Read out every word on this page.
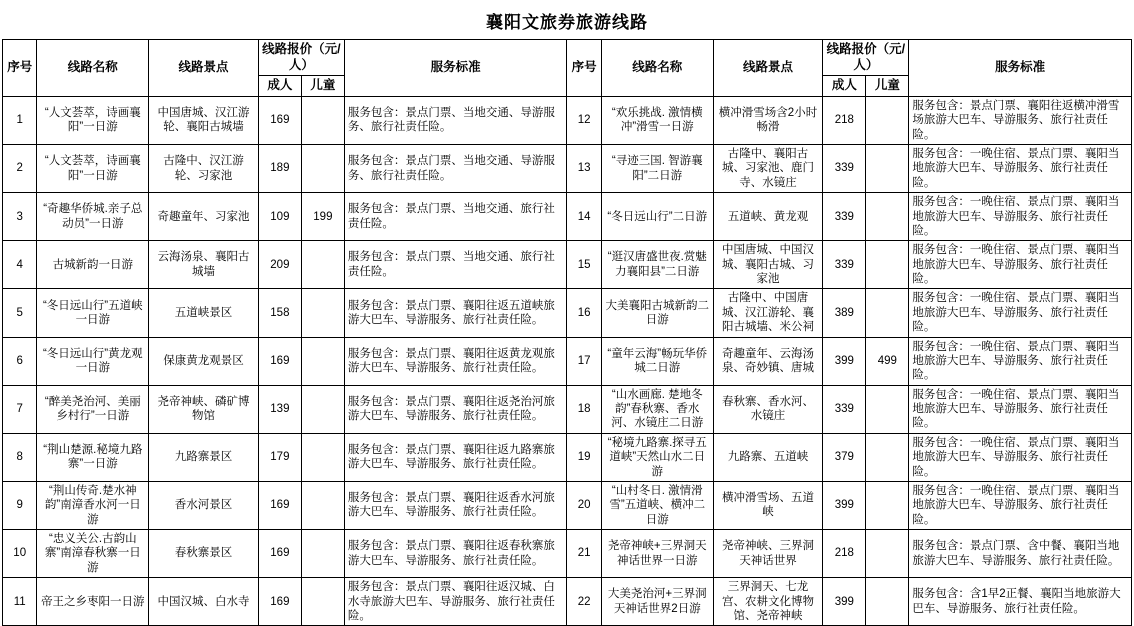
襄阳文旅券旅游线路
序号	线路名称	线路景点	线路报价（元/人）		服务标准	序号	线路名称	线路景点	线路报价（元/人）		服务标准
			成人	儿童					成人	儿童	
1	“人文荟萃，诗画襄阳”一日游	中国唐城、汉江游轮、襄阳古城墙	169		服务包含：景点门票、当地交通、导游服务、旅行社责任险。	12	“欢乐挑战. 激情横冲”滑雪一日游	横冲滑雪场含2小时畅滑	218		服务包含：景点门票、襄阳往返横冲滑雪场旅游大巴车、导游服务、旅行社责任险。
2	“人文荟萃，诗画襄阳”一日游	古隆中、汉江游轮、习家池	189		服务包含：景点门票、当地交通、导游服务、旅行社责任险。	13	“寻迹三国. 智游襄阳”二日游	古隆中、襄阳古城、习家池、鹿门寺、水镜庄	339		服务包含：一晚住宿、景点门票、襄阳当地旅游大巴车、导游服务、旅行社责任险。
3	“奇趣华侨城.亲子总动员”一日游	奇趣童年、习家池	109	199	服务包含：景点门票、当地交通、旅行社责任险。	14	“冬日远山行”二日游	五道峡、黄龙观	339		服务包含：一晚住宿、景点门票、襄阳当地旅游大巴车、导游服务、旅行社责任险。
4	古城新韵一日游	云海汤泉、襄阳古城墙	209		服务包含：景点门票、当地交通、旅行社责任险。	15	“逛汉唐盛世夜.赏魅力襄阳县”二日游	中国唐城、中国汉城、襄阳古城、习家池	339		服务包含：一晚住宿、景点门票、襄阳当地旅游大巴车、导游服务、旅行社责任险。
5	“冬日远山行”五道峡一日游	五道峡景区	158		服务包含：景点门票、襄阳往返五道峡旅游大巴车、导游服务、旅行社责任险。	16	大美襄阳古城新韵二日游	古隆中、中国唐城、汉江游轮、襄阳古城墙、米公祠	389		服务包含：一晚住宿、景点门票、襄阳当地旅游大巴车、导游服务、旅行社责任险。
6	“冬日远山行”黄龙观一日游	保康黄龙观景区	169		服务包含：景点门票、襄阳往返黄龙观旅游大巴车、导游服务、旅行社责任险。	17	“童年云海”畅玩华侨城二日游	奇趣童年、云海汤泉、奇妙镇、唐城	399	499	服务包含：一晚住宿、景点门票、襄阳当地旅游大巴车、导游服务、旅行社责任险。
7	“醉美尧治河、美丽乡村行”一日游	尧帝神峡、磷矿博物馆	139		服务包含：景点门票、襄阳往返尧治河旅游大巴车、导游服务、旅行社责任险。	18	“山水画廊. 楚地冬韵”春秋寨、香水河、水镜庄二日游	春秋寨、香水河、水镜庄	339		服务包含：一晚住宿、景点门票、襄阳当地旅游大巴车、导游服务、旅行社责任险。
8	“荆山楚源.秘境九路寨”一日游	九路寨景区	179		服务包含：景点门票、襄阳往返九路寨旅游大巴车、导游服务、旅行社责任险。	19	“秘境九路寨.探寻五道峡”天然山水二日游	九路寨、五道峡	379		服务包含：一晚住宿、景点门票、襄阳当地旅游大巴车、导游服务、旅行社责任险。
9	“荆山传奇.楚水神韵”南漳香水河一日游	香水河景区	169		服务包含：景点门票、襄阳往返香水河旅游大巴车、导游服务、旅行社责任险。	20	“山村冬日. 激情滑雪”五道峡、横冲二日游	横冲滑雪场、五道峡	399		服务包含：一晚住宿、景点门票、襄阳当地旅游大巴车、导游服务、旅行社责任险。
10	“忠义关公.古韵山寨”南漳春秋寨一日游	春秋寨景区	169		服务包含：景点门票、襄阳往返春秋寨旅游大巴车、导游服务、旅行社责任险。	21	尧帝神峡+三界洞天神话世界一日游	尧帝神峡、三界洞天神话世界	218		服务包含：景点门票、含中餐、襄阳当地旅游大巴车、导游服务、旅行社责任险。
11	帝王之乡枣阳一日游	中国汉城、白水寺	169		服务包含：景点门票、襄阳往返汉城、白水寺旅游大巴车、导游服务、旅行社责任险。	22	大美尧治河+三界洞天神话世界2日游	三界洞天、七龙宫、农耕文化博物馆、尧帝神峡	399		服务包含：含1早2正餐、襄阳当地旅游大巴车、导游服务、旅行社责任险。
